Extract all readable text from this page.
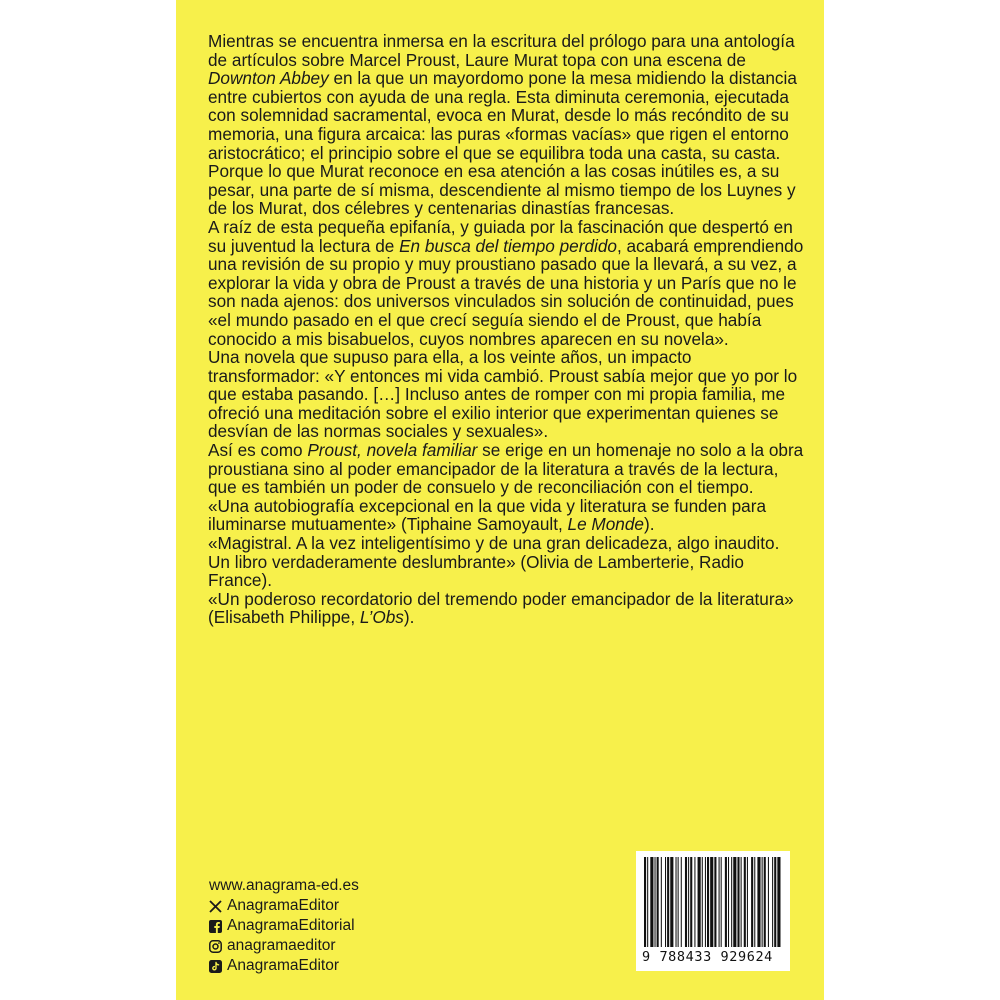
Mientras se encuentra inmersa en la escritura del prólogo para una antología de artículos sobre Marcel Proust, Laure Murat topa con una escena de Downton Abbey en la que un mayordomo pone la mesa midiendo la distancia entre cubiertos con ayuda de una regla. Esta diminuta ceremonia, ejecutada con solemnidad sacramental, evoca en Murat, desde lo más recóndito de su memoria, una figura arcaica: las puras «formas vacías» que rigen el entorno aristocrático; el principio sobre el que se equilibra toda una casta, su casta. Porque lo que Murat reconoce en esa atención a las cosas inútiles es, a su pesar, una parte de sí misma, descendiente al mismo tiempo de los Luynes y de los Murat, dos célebres y centenarias dinastías francesas.

A raíz de esta pequeña epifanía, y guiada por la fascinación que despertó en su juventud la lectura de En busca del tiempo perdido, acabará emprendiendo una revisión de su propio y muy proustiano pasado que la llevará, a su vez, a explorar la vida y obra de Proust a través de una historia y un París que no le son nada ajenos: dos universos vinculados sin solución de continuidad, pues «el mundo pasado en el que crecí seguía siendo el de Proust, que había conocido a mis bisabuelos, cuyos nombres aparecen en su novela».

Una novela que supuso para ella, a los veinte años, un impacto transformador: «Y entonces mi vida cambió. Proust sabía mejor que yo por lo que estaba pasando. […] Incluso antes de romper con mi propia familia, me ofreció una meditación sobre el exilio interior que experimentan quienes se desvían de las normas sociales y sexuales».

Así es como Proust, novela familiar se erige en un homenaje no solo a la obra proustiana sino al poder emancipador de la literatura a través de la lectura, que es también un poder de consuelo y de reconciliación con el tiempo.

«Una autobiografía excepcional en la que vida y literatura se funden para iluminarse mutuamente» (Tiphaine Samoyault, Le Monde).

«Magistral. A la vez inteligentísimo y de una gran delicadeza, algo inaudito. Un libro verdaderamente deslumbrante» (Olivia de Lamberterie, Radio France).

«Un poderoso recordatorio del tremendo poder emancipador de la literatura» (Elisabeth Philippe, L’Obs).

www.anagrama-ed.es
AnagramaEditor
AnagramaEditorial
anagramaeditor
AnagramaEditor	9 788433 929624
